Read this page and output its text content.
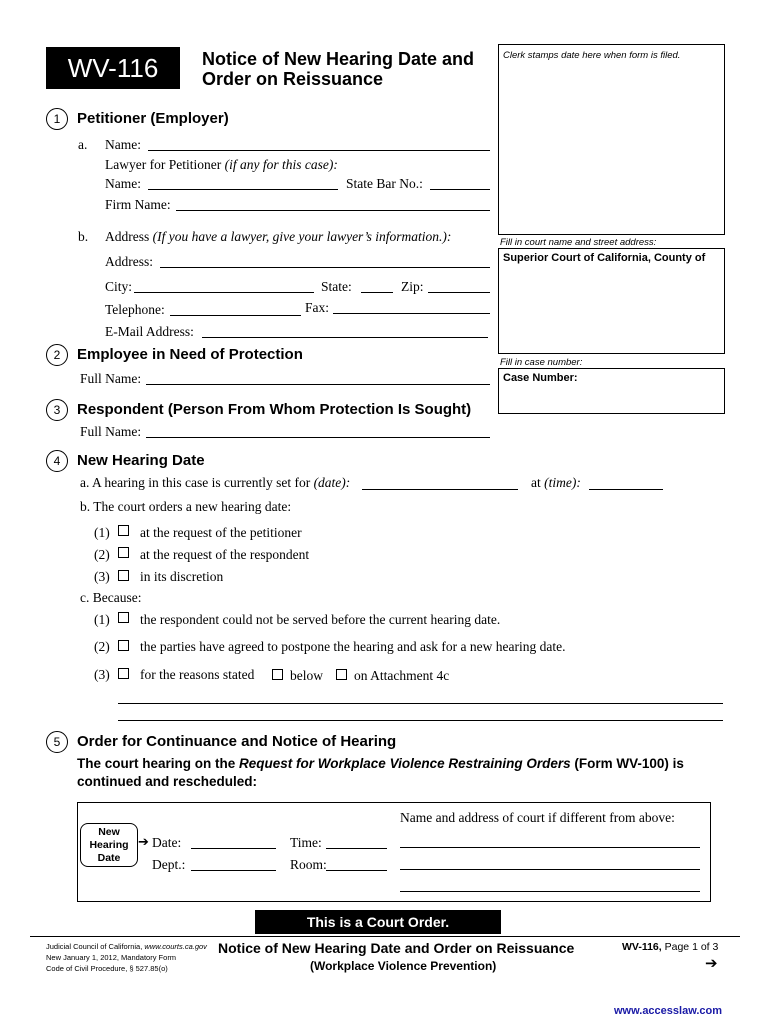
WV-116	Notice of New Hearing Date and
Order on Reissuance
Clerk stamps date here when form is filed.
Fill in court name and street address:
Superior Court of California, County of
Fill in case number:
Case Number:
1	Petitioner (Employer)
a. Name:
Lawyer for Petitioner (if any for this case):
Name:	State Bar No.:
Firm Name:
b. Address (If you have a lawyer, give your lawyer’s information.):
Address:
City:	State:	Zip:
Telephone:	Fax:
E-Mail Address:
2	Employee in Need of Protection
Full Name:
3	Respondent (Person From Whom Protection Is Sought)
Full Name:
4	New Hearing Date
a. A hearing in this case is currently set for (date):	at (time):
b. The court orders a new hearing date:
(1) at the request of the petitioner
(2) at the request of the respondent
(3) in its discretion
c. Because:
(1) the respondent could not be served before the current hearing date.
(2) the parties have agreed to postpone the hearing and ask for a new hearing date.
(3) for the reasons stated	below on Attachment 4c
5	Order for Continuance and Notice of Hearing
The court hearing on the Request for Workplace Violence Restraining Orders (Form WV-100) is
continued and rescheduled:
New
Hearing
Date
➔ Date:	Time:
Dept.:	Room:
Name and address of court if different from above:
This is a Court Order.
Judicial Council of California, www.courts.ca.gov
New January 1, 2012, Mandatory Form
Code of Civil Procedure, § 527.85(o)
Notice of New Hearing Date and Order on Reissuance
(Workplace Violence Prevention)
WV-116, Page 1 of 3
➔
www.accesslaw.com
